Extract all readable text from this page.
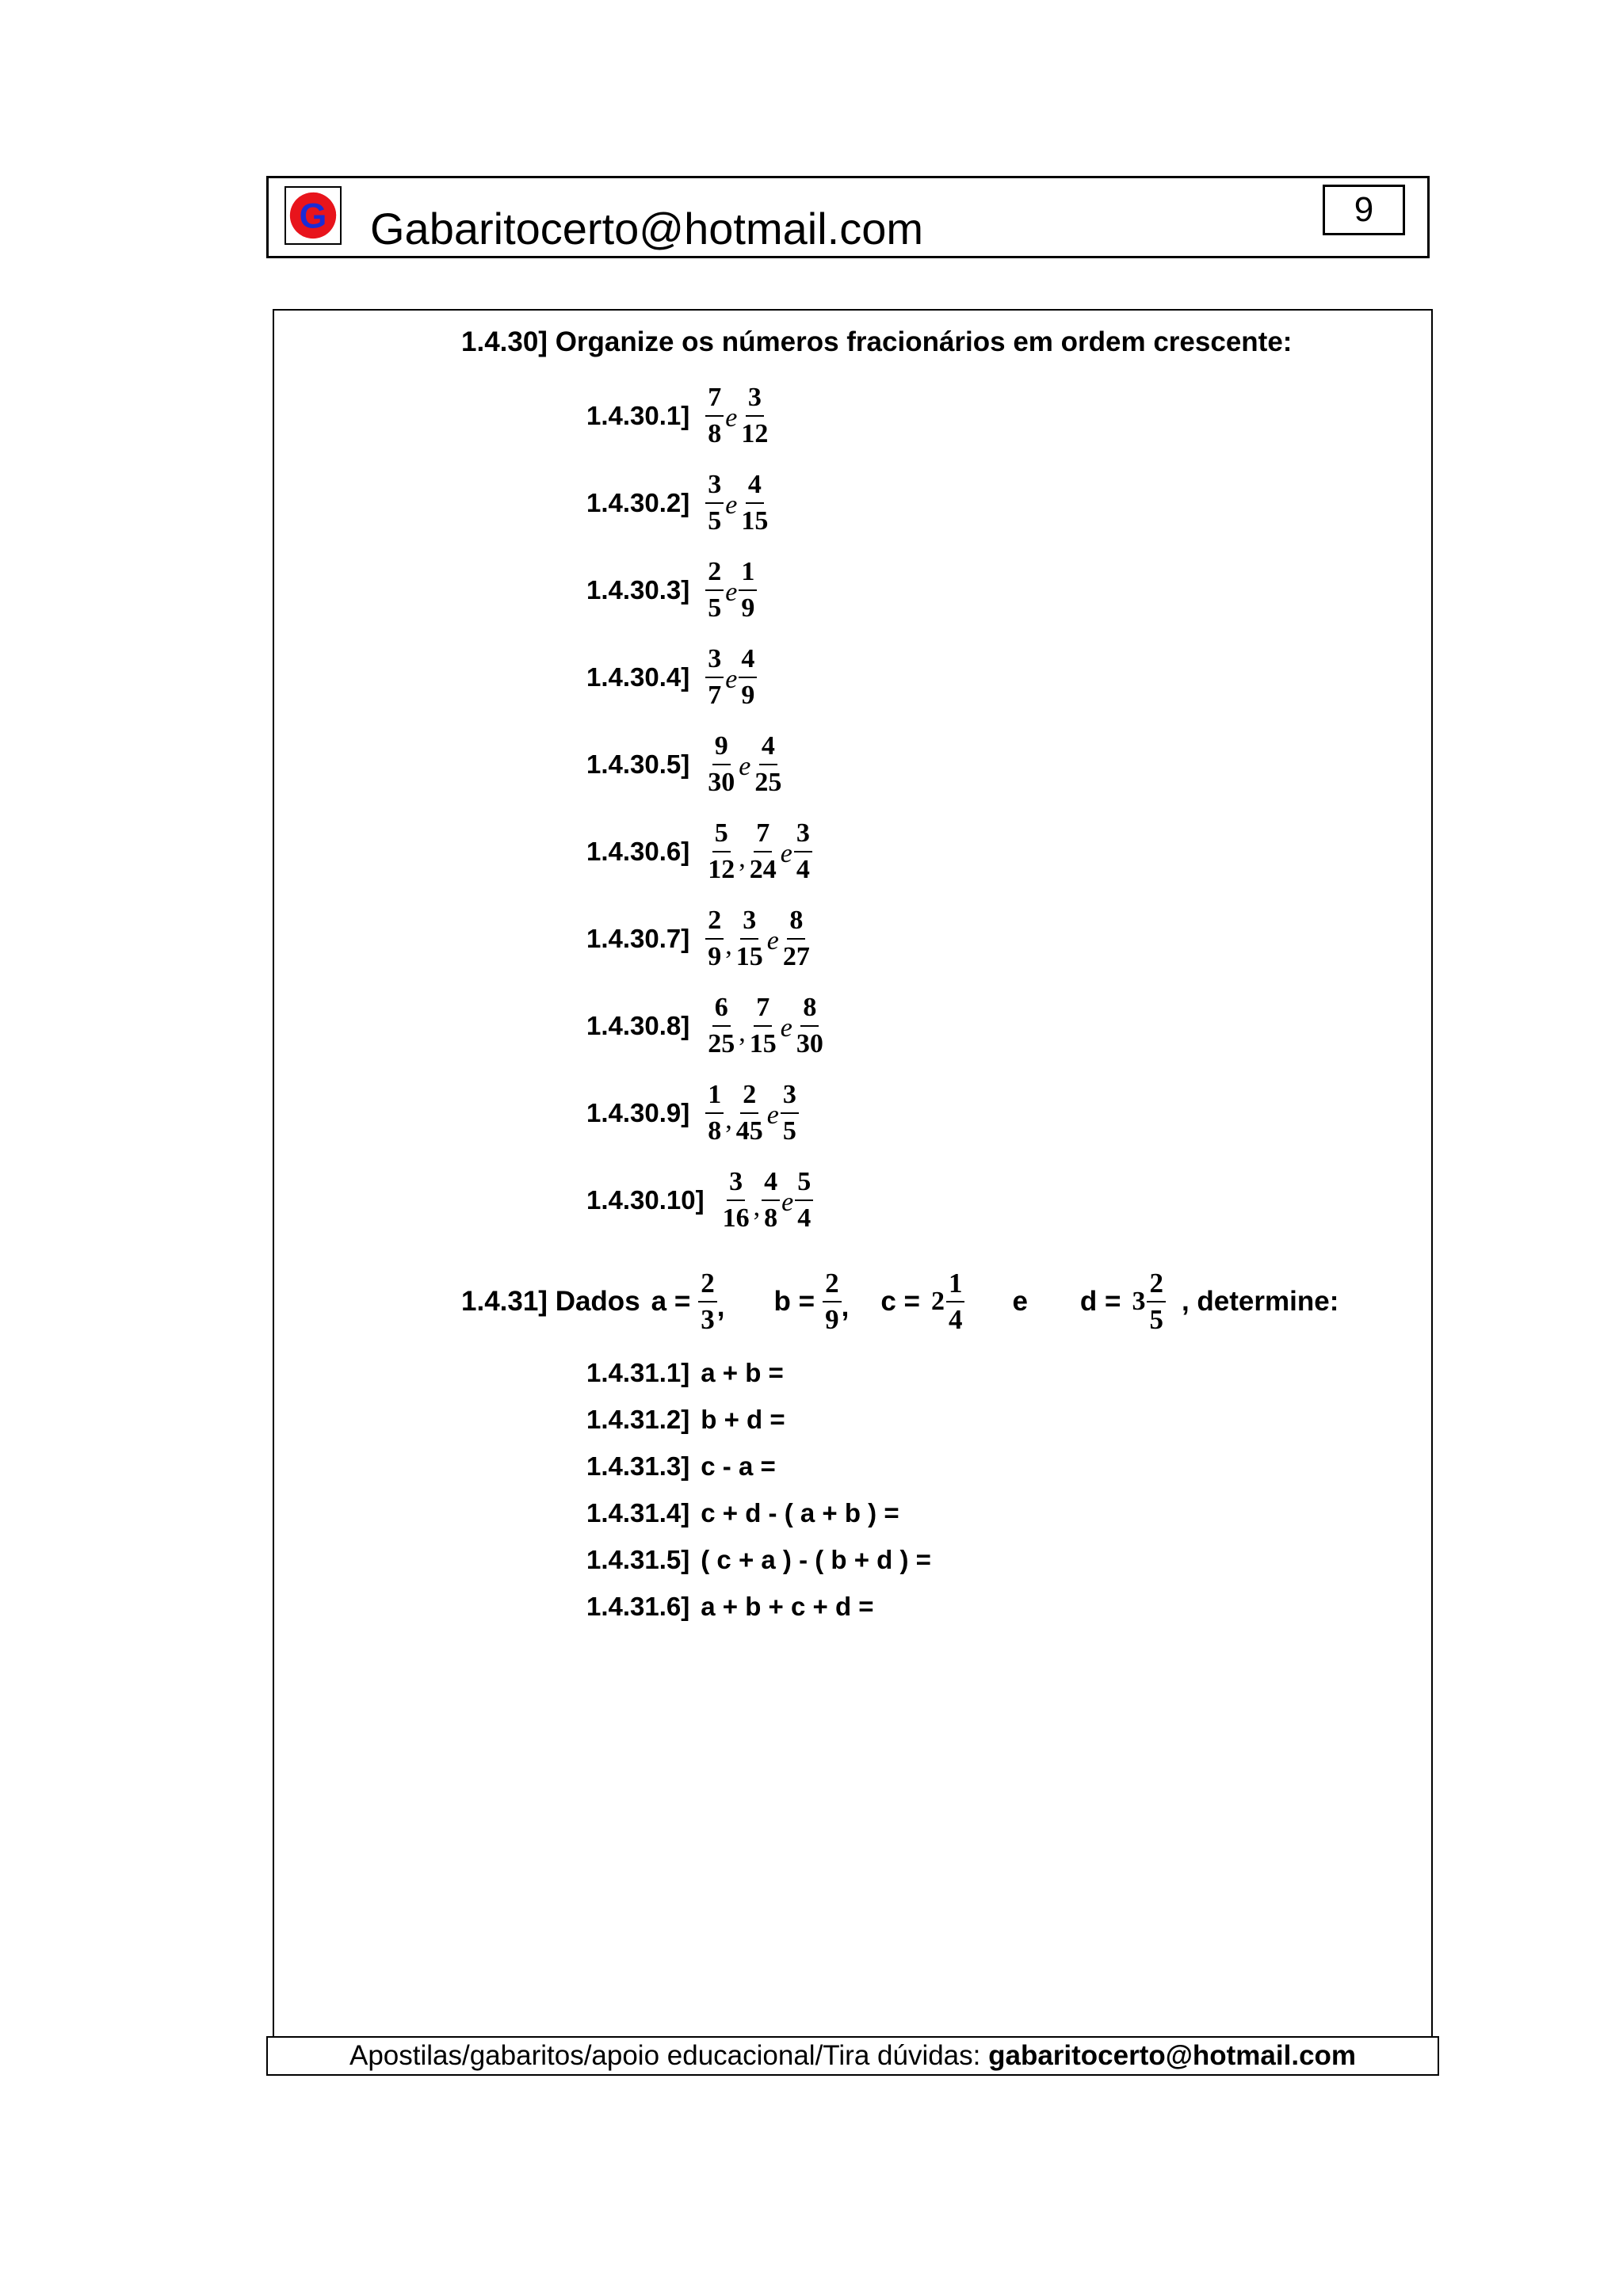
G Gabaritocerto@hotmail.com	9
1.4.30] Organize os números fracionários em ordem crescente:
$1.4.30.1] \frac{7}{8}$ e $\frac{3}{12}$
$1.4.30.2] \frac{3}{5}$ e $\frac{4}{15}$
$1.4.30.3] \frac{2}{5}$ e $\frac{1}{9}$
$1.4.30.4] \frac{3}{7}$ e $\frac{4}{9}$
$1.4.30.5] \frac{9}{30}$ e $\frac{4}{25}$
$1.4.30.6] \frac{5}{12}$ , $\frac{7}{24}$ e $\frac{3}{4}$
$1.4.30.7] \frac{2}{9}$ , $\frac{3}{15}$ e $\frac{8}{27}$
$1.4.30.8] \frac{6}{25}$ , $\frac{7}{15}$ e $\frac{8}{30}$
$1.4.30.9] \frac{1}{8}$ , $\frac{2}{45}$ e $\frac{3}{5}$
$1.4.30.10] \frac{3}{16}$ , $\frac{4}{8}$ e $\frac{5}{4}$
1.4.31] Dados $a = \frac{2}{3}$ , $b = \frac{2}{9}$ , $c = 2 \frac{1}{4}$ e $d = 3 \frac{2}{5}$ , determine:
1.4.31.1] a + b =
1.4.31.2] b + d =
1.4.31.3] c - a =
1.4.31.4] c + d - ( a + b ) =
1.4.31.5] ( c + a ) - ( b + d ) =
1.4.31.6] a + b + c + d =
Apostilas/gabaritos/apoio educacional/Tira dúvidas: gabaritocerto@hotmail.com
